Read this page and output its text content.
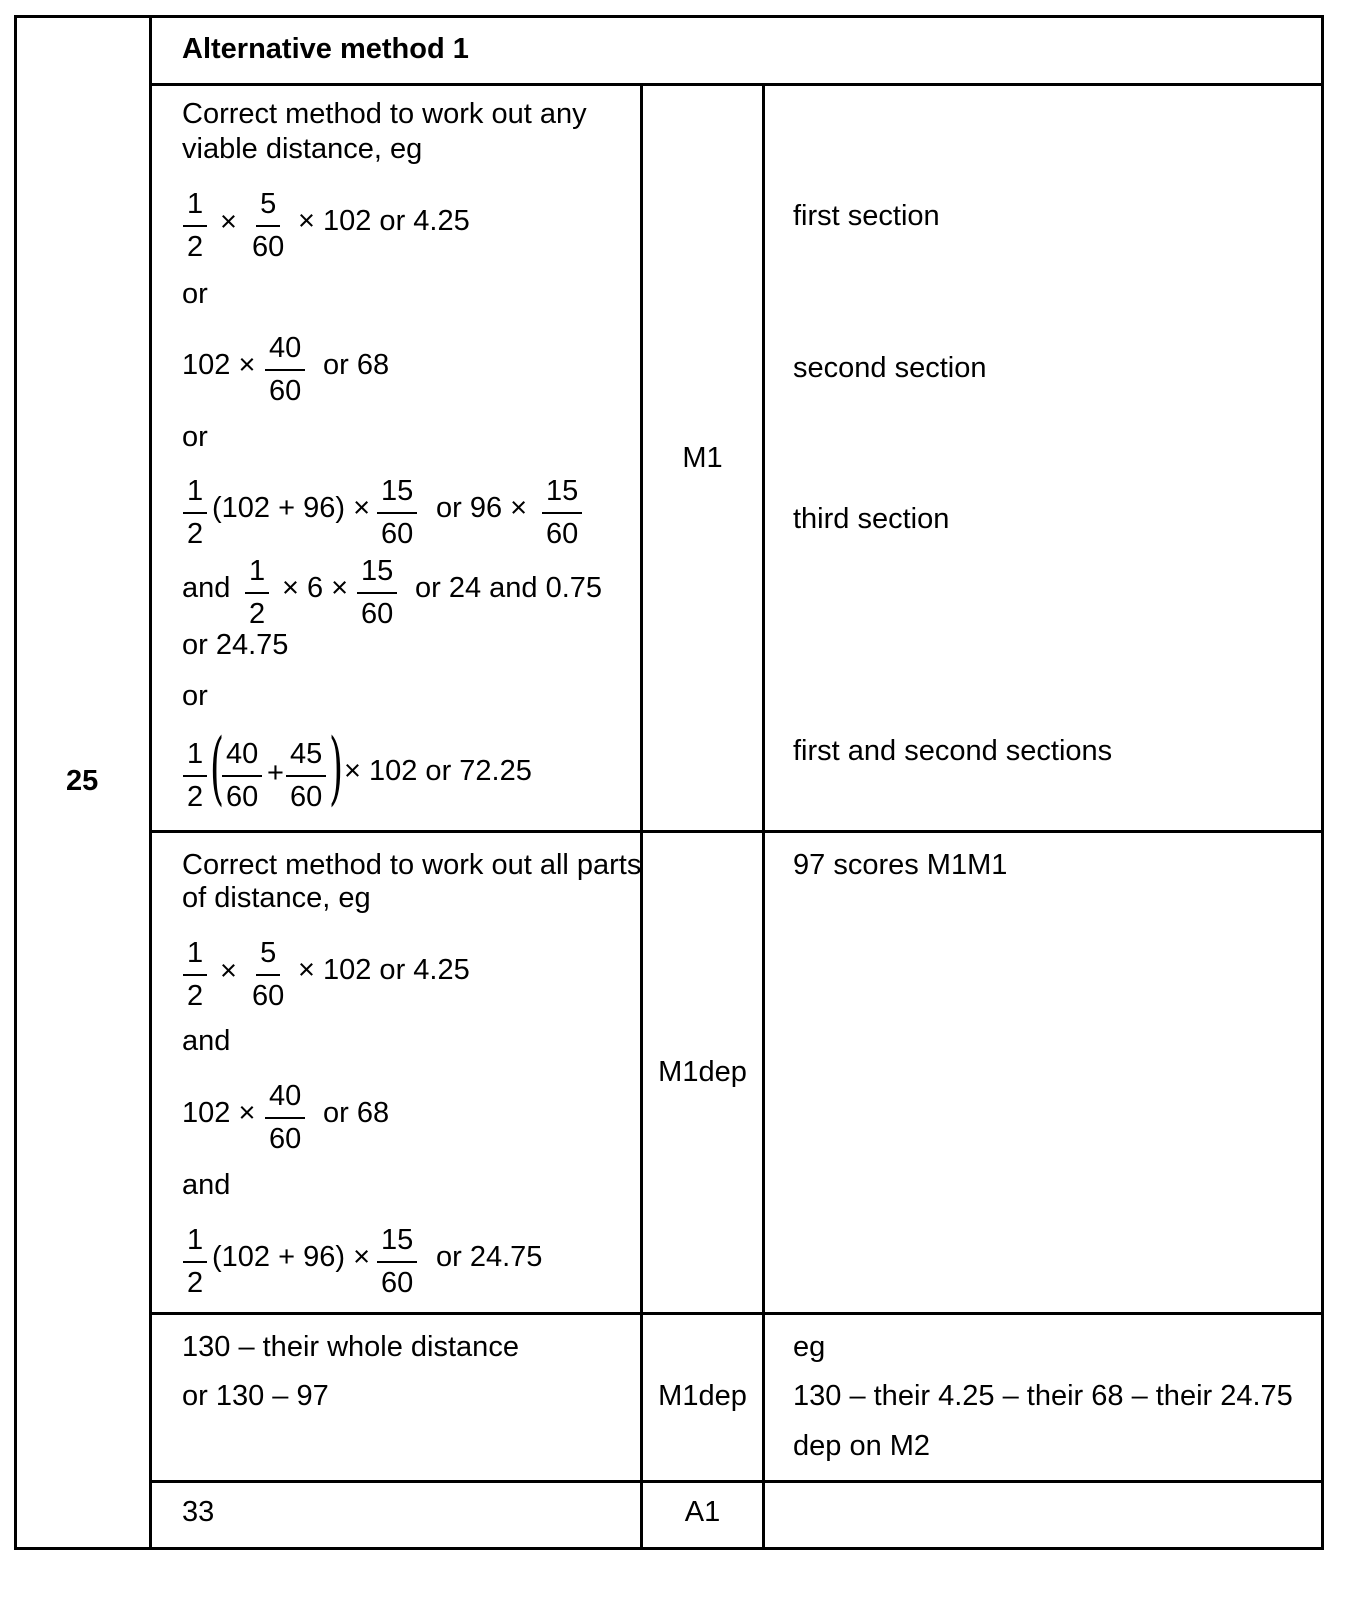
25
Alternative method 1
Correct method to work out any
viable distance, eg
$\frac{1}{2} \times \frac{5}{60} \times 102$ or 4.25
or
$102 \times \frac{40}{60}$ or 68
or
$\frac{1}{2} (102 + 96) \times \frac{15}{60}$ or $96 \times \frac{15}{60}$
and $\frac{1}{2} \times 6 \times \frac{15}{60}$ or 24 and 0.75
or 24.75
or
$\frac{1}{2}$ (
$\frac{40}{60} + \frac{45}{60}$ ) × 102 or 72.25
M1
first section
second section
third section
first and second sections
Correct method to work out all parts
of distance, eg
$\frac{1}{2} \times \frac{5}{60} \times 102$ or 4.25
and
$102 \times \frac{40}{60}$ or 68
and
$\frac{1}{2} (102 + 96) \times \frac{15}{60}$ or 24.75
M1dep
97 scores M1M1
130 – their whole distance
or 130 – 97	M1dep
eg
130 – their 4.25 – their 68 – their 24.75
dep on M2
33	A1
